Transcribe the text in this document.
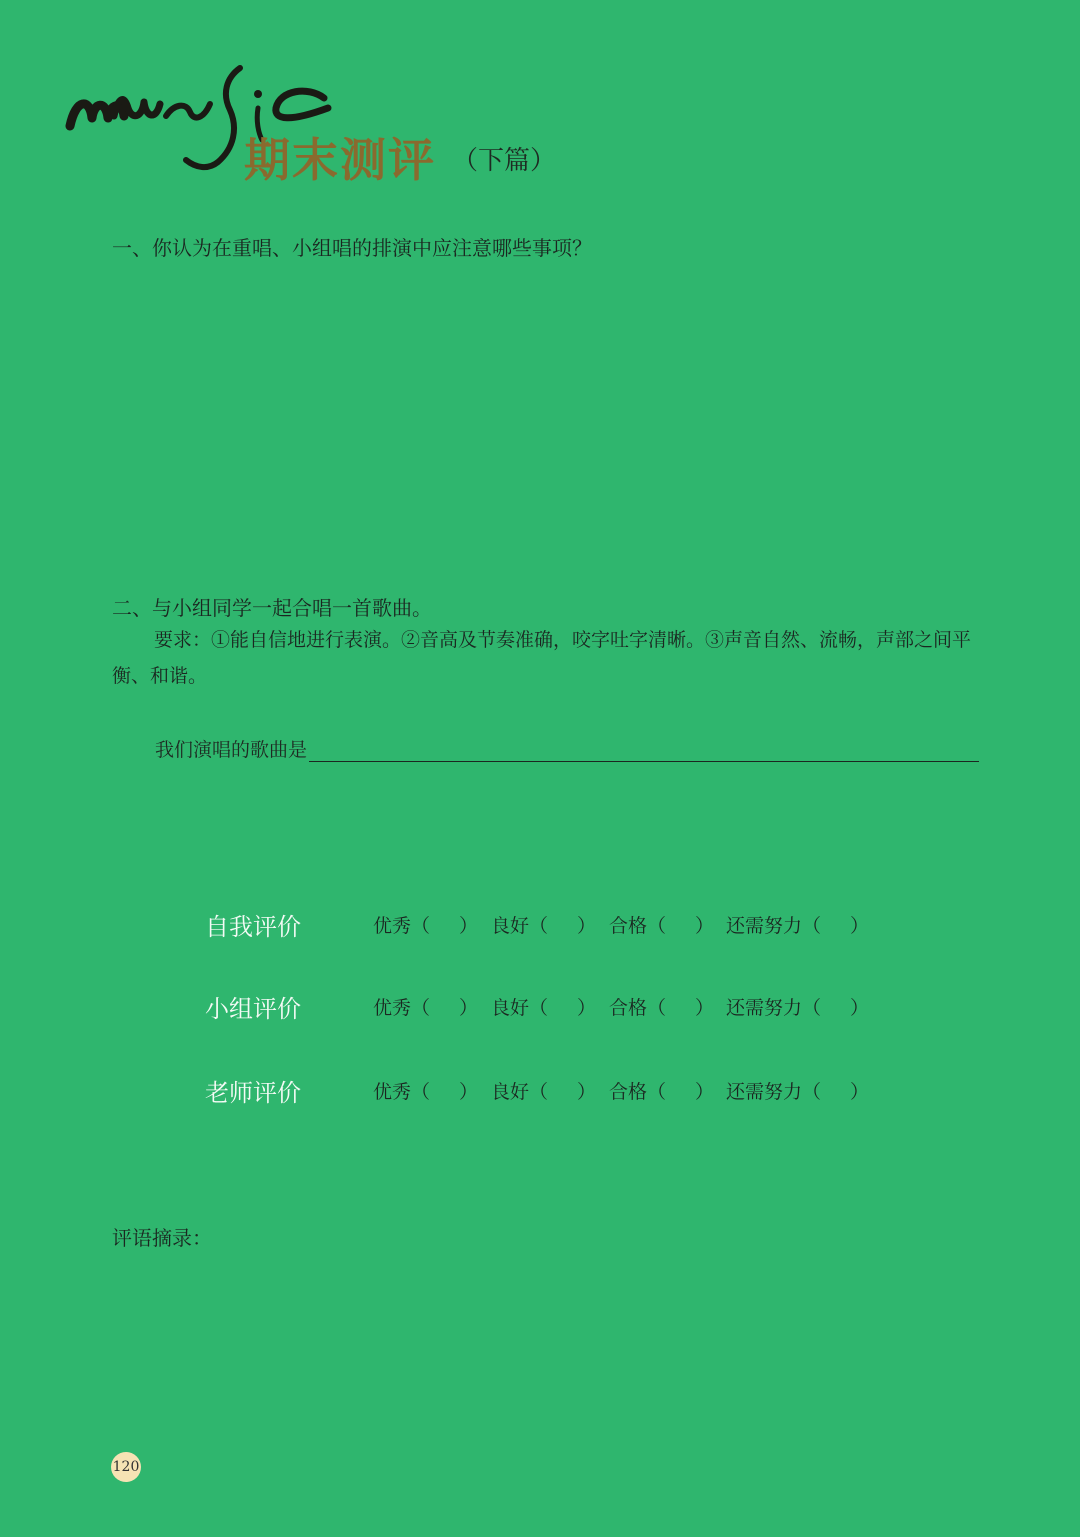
期末测评 （下篇）
一、你认为在重唱、小组唱的排演中应注意哪些事项？
二、与小组同学一起合唱一首歌曲。
要求：①能自信地进行表演。②音高及节奏准确，咬字吐字清晰。③声音自然、流畅，声部之间平衡、和谐。
我们演唱的歌曲是
自我评价	优秀（ ） 良好（ ） 合格（ ） 还需努力（ ）
小组评价	优秀（ ） 良好（ ） 合格（ ） 还需努力（ ）
老师评价	优秀（ ） 良好（ ） 合格（ ） 还需努力（ ）
评语摘录：
120
